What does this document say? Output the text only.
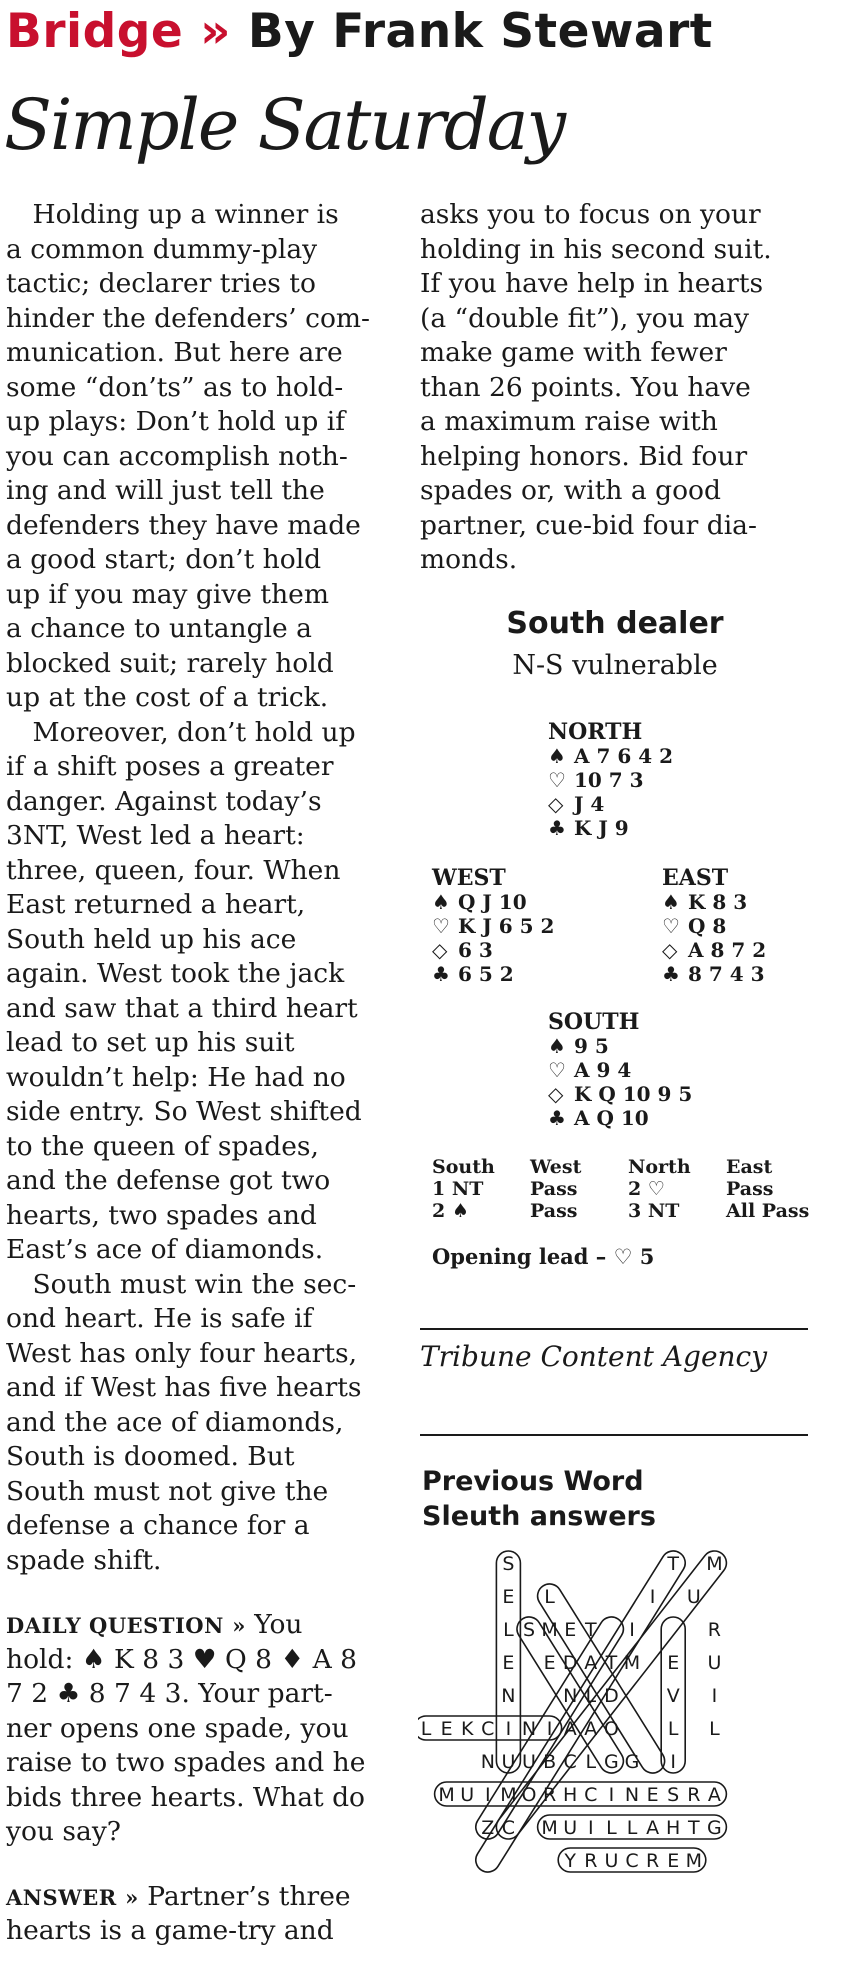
Bridge » By Frank Stewart
Simple Saturday
 Holding up a winner is
a common dummy-play
tactic; declarer tries to
hinder the defenders’ com-
munication. But here are
some “don’ts” as to hold-
up plays: Don’t hold up if
you can accomplish noth-
ing and will just tell the
defenders they have made
a good start; don’t hold
up if you may give them
a chance to untangle a
blocked suit; rarely hold
up at the cost of a trick.
 Moreover, don’t hold up
if a shift poses a greater
danger. Against today’s
3NT, West led a heart:
three, queen, four. When
East returned a heart,
South held up his ace
again. West took the jack
and saw that a third heart
lead to set up his suit
wouldn’t help: He had no
side entry. So West shifted
to the queen of spades,
and the defense got two
hearts, two spades and
East’s ace of diamonds.
 South must win the sec-
ond heart. He is safe if
West has only four hearts,
and if West has five hearts
and the ace of diamonds,
South is doomed. But
South must not give the
defense a chance for a
spade shift.
DAILY QUESTION » You
hold: ♠ K 8 3 ♥ Q 8 ♦ A 8
7 2 ♣ 8 7 4 3. Your part-
ner opens one spade, you
raise to two spades and he
bids three hearts. What do
you say?
ANSWER » Partner’s three
hearts is a game-try and
asks you to focus on your
holding in his second suit.
If you have help in hearts
(a “double fit”), you may
make game with fewer
than 26 points. You have
a maximum raise with
helping honors. Bid four
spades or, with a good
partner, cue-bid four dia-
monds.
South dealer
N-S vulnerable
NORTH
♠ A 7 6 4 2
♡ 10 7 3
◇ J 4
♣ K J 9
WEST
♠ Q J 10
♡ K J 6 5 2
◇ 6 3
♣ 6 5 2
EAST
♠ K 8 3
♡ Q 8
◇ A 8 7 2
♣ 8 7 4 3
SOUTH
♠ 9 5
♡ A 9 4
◇ K Q 10 9 5
♣ A Q 10
South West North East
1 NT Pass	2 ♡	Pass
2 ♠	Pass	3 NT All Pass
Opening lead – ♡ 5
Tribune Content Agency
Previous Word
Sleuth answers
S	T M
E L	I U
L S E T I	R
M
E E D A T M E U
N	N L D	V I
L E K C I N I A A O	L L
N U U B C G G I
L
M U I M O R H C I N E S R A
Z C M U I L L A H T G
Y R U C R E M
